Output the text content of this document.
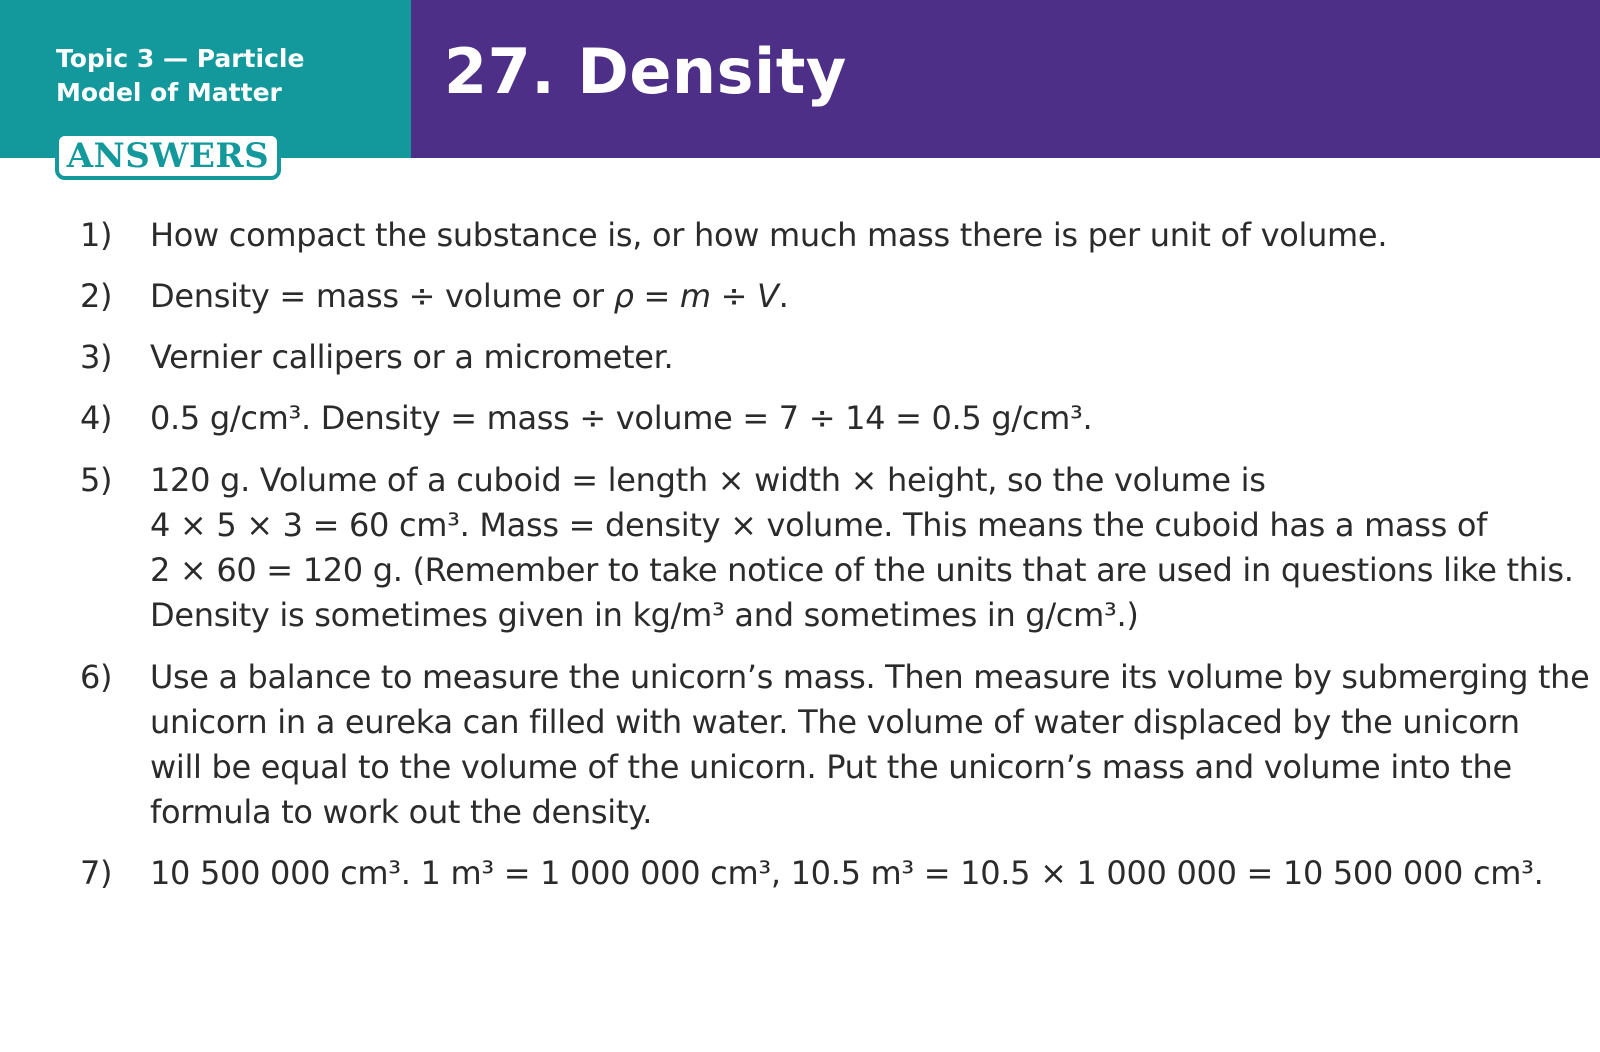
Topic 3 — Particle
Model of Matter	27. Density
ANSWERS
1) How compact the substance is, or how much mass there is per unit of volume.
2) Density = mass ÷ volume or ρ = m ÷ V.
3) Vernier callipers or a micrometer.
4) 0.5 g/cm³. Density = mass ÷ volume = 7 ÷ 14 = 0.5 g/cm³.
5) 120 g. Volume of a cuboid = length × width × height, so the volume is
4 × 5 × 3 = 60 cm³. Mass = density × volume. This means the cuboid has a mass of
2 × 60 = 120 g. (Remember to take notice of the units that are used in questions like this.
Density is sometimes given in kg/m³ and sometimes in g/cm³.)
6) Use a balance to measure the unicorn’s mass. Then measure its volume by submerging the
unicorn in a eureka can filled with water. The volume of water displaced by the unicorn
will be equal to the volume of the unicorn. Put the unicorn’s mass and volume into the
formula to work out the density.
7) 10 500 000 cm³. 1 m³ = 1 000 000 cm³, 10.5 m³ = 10.5 × 1 000 000 = 10 500 000 cm³.
